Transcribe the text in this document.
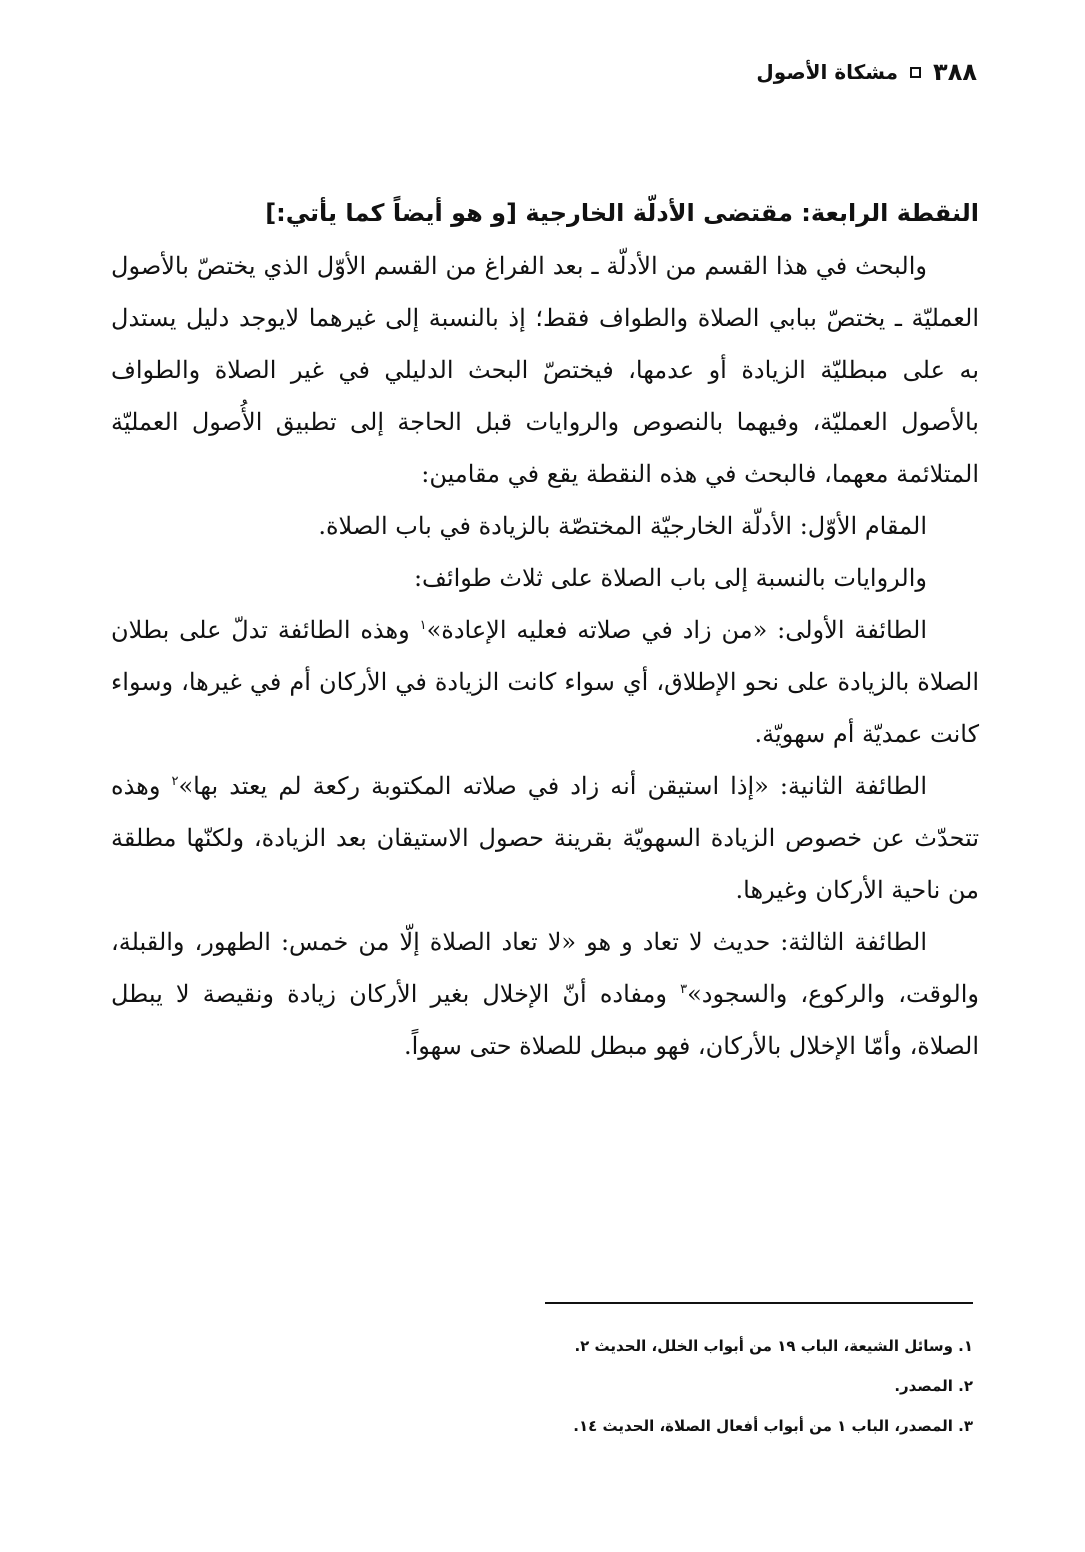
٣٨٨
مشكاة الأصول
النقطة الرابعة: مقتضى الأدلّة الخارجية [و هو أيضاً كما يأتي:]

والبحث في هذا القسم من الأدلّة ـ بعد الفراغ من القسم الأوّل الذي يختصّ بالأصول العمليّة ـ يختصّ ببابي الصلاة والطواف فقط؛ إذ بالنسبة إلى غيرهما لايوجد دليل يستدل به على مبطليّة الزيادة أو عدمها، فيختصّ البحث الدليلي في غير الصلاة والطواف بالأصول العمليّة، وفيهما بالنصوص والروايات قبل الحاجة إلى تطبيق الأُصول العمليّة المتلائمة معهما، فالبحث في هذه النقطة يقع في مقامين:

المقام الأوّل: الأدلّة الخارجيّة المختصّة بالزيادة في باب الصلاة.

والروايات بالنسبة إلى باب الصلاة على ثلاث طوائف:

الطائفة الأولى: «من زاد في صلاته فعليه الإعادة»$^١$ وهذه الطائفة تدلّ على بطلان الصلاة بالزيادة على نحو الإطلاق، أي سواء كانت الزيادة في الأركان أم في غيرها، وسواء كانت عمديّة أم سهويّة.

الطائفة الثانية: «إذا استيقن أنه زاد في صلاته المكتوبة ركعة لم يعتد بها»$^٢$ وهذه تتحدّث عن خصوص الزيادة السهويّة بقرينة حصول الاستيقان بعد الزيادة، ولكنّها مطلقة من ناحية الأركان وغيرها.

الطائفة الثالثة: حديث لا تعاد و هو «لا تعاد الصلاة إلّا من خمس: الطهور، والقبلة، والوقت، والركوع، والسجود»$^٣$ ومفاده أنّ الإخلال بغير الأركان زيادة ونقيصة لا يبطل الصلاة، وأمّا الإخلال بالأركان، فهو مبطل للصلاة حتى سهواً.

١. وسائل الشيعة، الباب ١٩ من أبواب الخلل، الحديث ٢.

٢. المصدر.

٣. المصدر، الباب ١ من أبواب أفعال الصلاة، الحديث ١٤.
